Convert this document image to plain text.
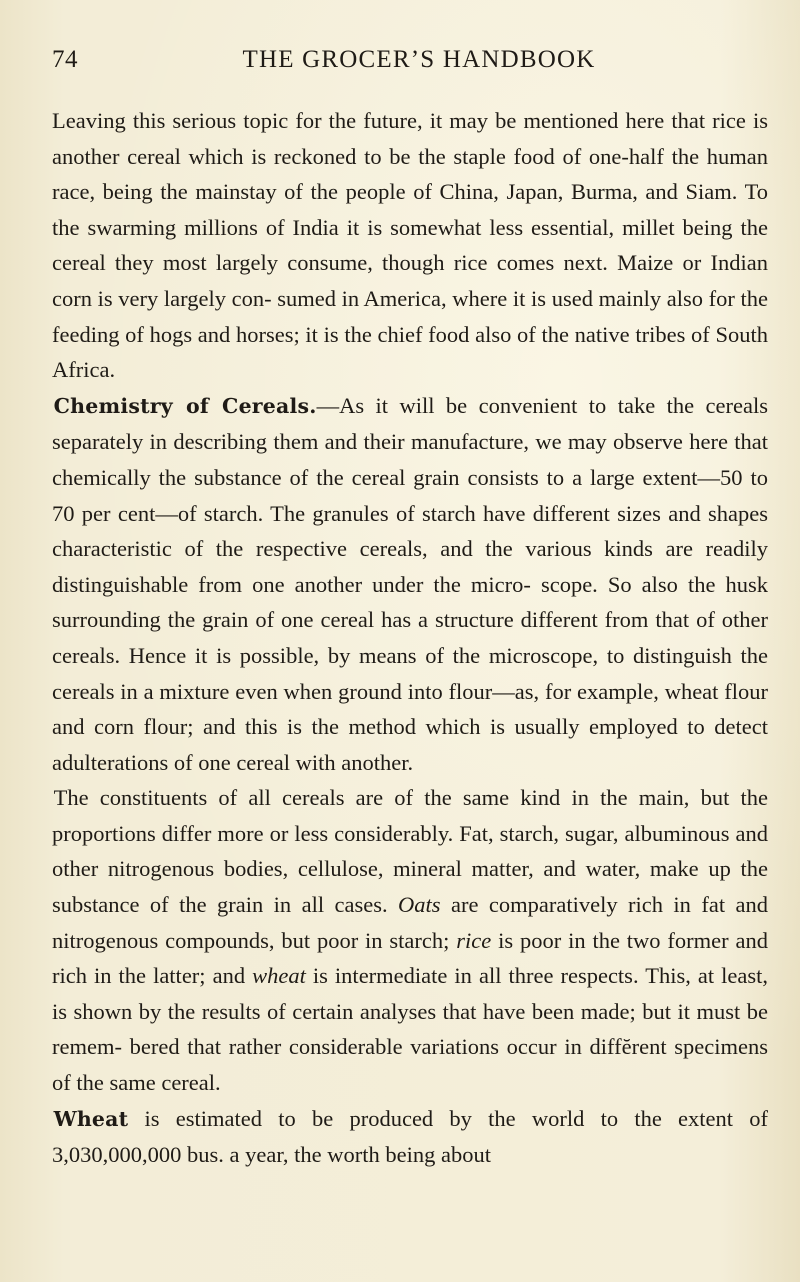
74	THE GROCER’S HANDBOOK

Leaving this serious topic for the future, it may be mentioned here that rice is another cereal which is reckoned to be the staple food of one-half the human race, being the mainstay of the people of China, Japan, Burma, and Siam. To the swarming millions of India it is somewhat less essential, millet being the cereal they most largely consume, though rice comes next. Maize or Indian corn is very largely con- sumed in America, where it is used mainly also for the feeding of hogs and horses; it is the chief food also of the native tribes of South Africa.

Chemistry of Cereals.—As it will be convenient to take the cereals separately in describing them and their manufacture, we may observe here that chemically the substance of the cereal grain consists to a large extent—50 to 70 per cent—of starch. The granules of starch have different sizes and shapes characteristic of the respective cereals, and the various kinds are readily distinguishable from one another under the micro- scope. So also the husk surrounding the grain of one cereal has a structure different from that of other cereals. Hence it is possible, by means of the microscope, to distinguish the cereals in a mixture even when ground into flour—as, for example, wheat flour and corn flour; and this is the method which is usually employed to detect adulterations of one cereal with another.

The constituents of all cereals are of the same kind in the main, but the proportions differ more or less considerably. Fat, starch, sugar, albuminous and other nitrogenous bodies, cellulose, mineral matter, and water, make up the substance of the grain in all cases. Oats are comparatively rich in fat and nitrogenous compounds, but poor in starch; rice is poor in the two former and rich in the latter; and wheat is intermediate in all three respects. This, at least, is shown by the results of certain analyses that have been made; but it must be remem- bered that rather considerable variations occur in diffĕrent specimens of the same cereal.

Wheat is estimated to be produced by the world to the extent of 3,030,000,000 bus. a year, the worth being about
